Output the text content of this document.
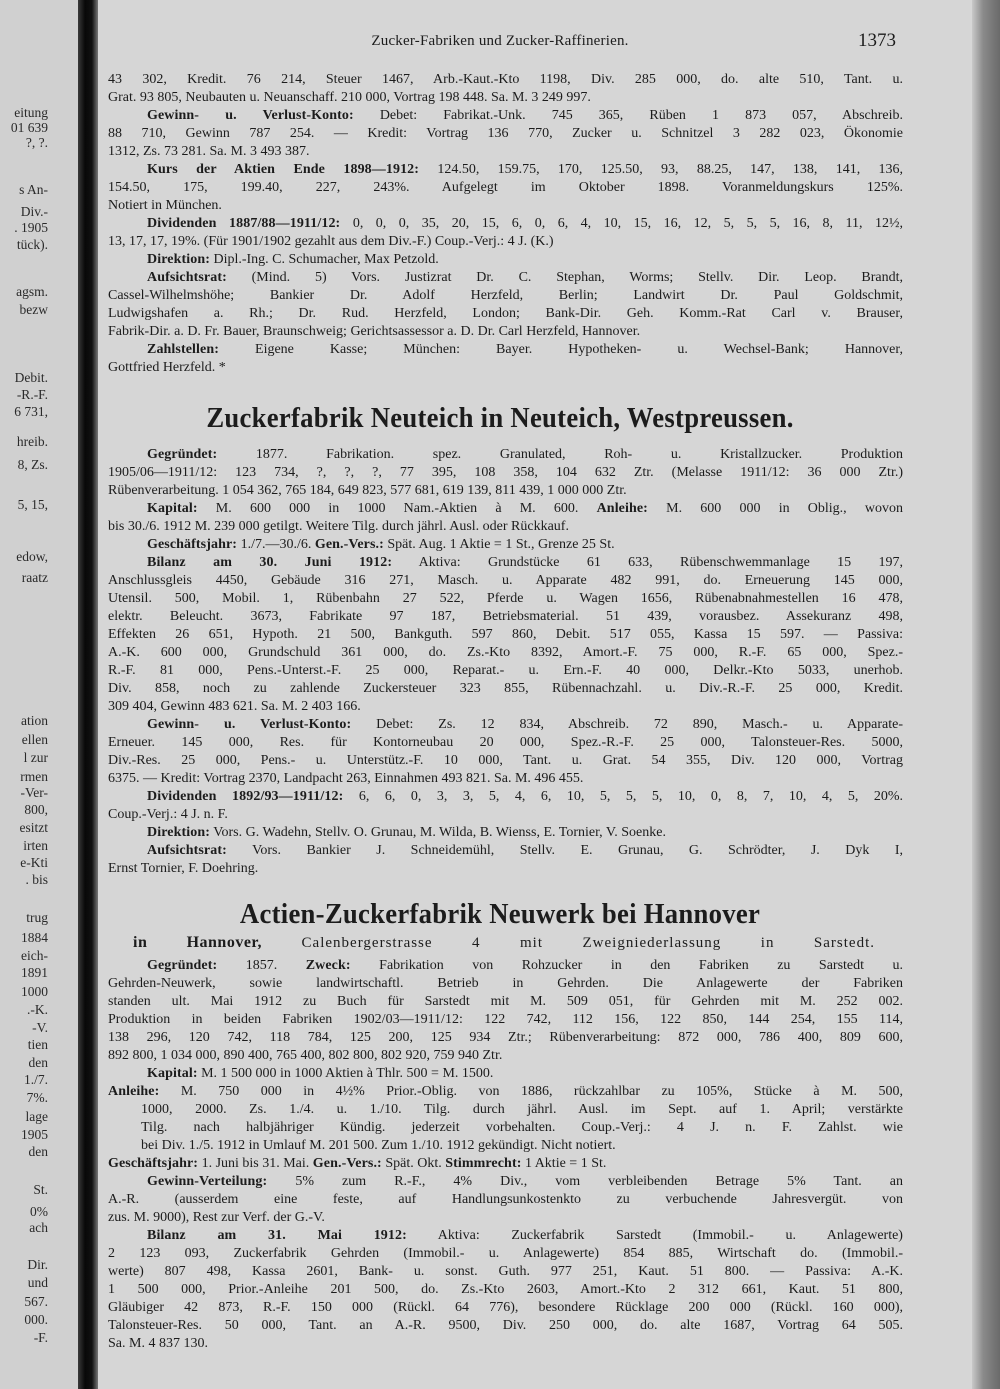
eitung
01 639
?, ?.
s An-
Div.-
. 1905
tück).
agsm.
bezw
Debit.
-R.-F.
6 731,
hreib.
8, Zs.
5, 15,
edow,
raatz
ation
ellen
l zur
rmen
-Ver-
800,
esitzt
irten
e-Kti
. bis
trug
1884
eich-
1891
1000
.-K.
-V.
tien
den
1./7.
7%.
lage
1905
den
St.
0%
ach
Dir.
und
567.
000.
-F.
Zucker-Fabriken und Zucker-Raffinerien.	1373
43 302, Kredit. 76 214, Steuer 1467, Arb.-Kaut.-Kto 1198, Div. 285 000, do. alte 510, Tant. u.
Grat. 93 805, Neubauten u. Neuanschaff. 210 000, Vortrag 198 448. Sa. M. 3 249 997.
Gewinn- u. Verlust-Konto: Debet: Fabrikat.-Unk. 745 365, Rüben 1 873 057, Abschreib.
88 710, Gewinn 787 254. — Kredit: Vortrag 136 770, Zucker u. Schnitzel 3 282 023, Ökonomie
1312, Zs. 73 281. Sa. M. 3 493 387.
Kurs der Aktien Ende 1898—1912: 124.50, 159.75, 170, 125.50, 93, 88.25, 147, 138, 141, 136,
154.50, 175, 199.40, 227, 243%. Aufgelegt im Oktober 1898. Voranmeldungskurs 125%.
Notiert in München.
Dividenden 1887/88—1911/12: 0, 0, 0, 35, 20, 15, 6, 0, 6, 4, 10, 15, 16, 12, 5, 5, 5, 16, 8, 11, 12½,
13, 17, 17, 19%. (Für 1901/1902 gezahlt aus dem Div.-F.) Coup.-Verj.: 4 J. (K.)
Direktion: Dipl.-Ing. C. Schumacher, Max Petzold.
Aufsichtsrat: (Mind. 5) Vors. Justizrat Dr. C. Stephan, Worms; Stellv. Dir. Leop. Brandt,
Cassel-Wilhelmshöhe; Bankier Dr. Adolf Herzfeld, Berlin; Landwirt Dr. Paul Goldschmit,
Ludwigshafen a. Rh.; Dr. Rud. Herzfeld, London; Bank-Dir. Geh. Komm.-Rat Carl v. Brauser,
Fabrik-Dir. a. D. Fr. Bauer, Braunschweig; Gerichtsassessor a. D. Dr. Carl Herzfeld, Hannover.
Zahlstellen: Eigene Kasse; München: Bayer. Hypotheken- u. Wechsel-Bank; Hannover,
Gottfried Herzfeld. *
Zuckerfabrik Neuteich in Neuteich, Westpreussen.
Gegründet: 1877. Fabrikation. spez. Granulated, Roh- u. Kristallzucker. Produktion
1905/06—1911/12: 123 734, ?, ?, ?, 77 395, 108 358, 104 632 Ztr. (Melasse 1911/12: 36 000 Ztr.)
Rübenverarbeitung. 1 054 362, 765 184, 649 823, 577 681, 619 139, 811 439, 1 000 000 Ztr.
Kapital: M. 600 000 in 1000 Nam.-Aktien à M. 600. Anleihe: M. 600 000 in Oblig., wovon
bis 30./6. 1912 M. 239 000 getilgt. Weitere Tilg. durch jährl. Ausl. oder Rückkauf.
Geschäftsjahr: 1./7.—30./6. Gen.-Vers.: Spät. Aug. 1 Aktie = 1 St., Grenze 25 St.
Bilanz am 30. Juni 1912: Aktiva: Grundstücke 61 633, Rübenschwemmanlage 15 197,
Anschlussgleis 4450, Gebäude 316 271, Masch. u. Apparate 482 991, do. Erneuerung 145 000,
Utensil. 500, Mobil. 1, Rübenbahn 27 522, Pferde u. Wagen 1656, Rübenabnahmestellen 16 478,
elektr. Beleucht. 3673, Fabrikate 97 187, Betriebsmaterial. 51 439, vorausbez. Assekuranz 498,
Effekten 26 651, Hypoth. 21 500, Bankguth. 597 860, Debit. 517 055, Kassa 15 597. — Passiva:
A.-K. 600 000, Grundschuld 361 000, do. Zs.-Kto 8392, Amort.-F. 75 000, R.-F. 65 000, Spez.-
R.-F. 81 000, Pens.-Unterst.-F. 25 000, Reparat.- u. Ern.-F. 40 000, Delkr.-Kto 5033, unerhob.
Div. 858, noch zu zahlende Zuckersteuer 323 855, Rübennachzahl. u. Div.-R.-F. 25 000, Kredit.
309 404, Gewinn 483 621. Sa. M. 2 403 166.
Gewinn- u. Verlust-Konto: Debet: Zs. 12 834, Abschreib. 72 890, Masch.- u. Apparate-
Erneuer. 145 000, Res. für Kontorneubau 20 000, Spez.-R.-F. 25 000, Talonsteuer-Res. 5000,
Div.-Res. 25 000, Pens.- u. Unterstütz.-F. 10 000, Tant. u. Grat. 54 355, Div. 120 000, Vortrag
6375. — Kredit: Vortrag 2370, Landpacht 263, Einnahmen 493 821. Sa. M. 496 455.
Dividenden 1892/93—1911/12: 6, 6, 0, 3, 3, 5, 4, 6, 10, 5, 5, 5, 10, 0, 8, 7, 10, 4, 5, 20%.
Coup.-Verj.: 4 J. n. F.
Direktion: Vors. G. Wadehn, Stellv. O. Grunau, M. Wilda, B. Wienss, E. Tornier, V. Soenke.
Aufsichtsrat: Vors. Bankier J. Schneidemühl, Stellv. E. Grunau, G. Schrödter, J. Dyk I,
Ernst Tornier, F. Doehring.
Actien-Zuckerfabrik Neuwerk bei Hannover
in Hannover, Calenbergerstrasse 4 mit Zweigniederlassung in Sarstedt.
Gegründet: 1857. Zweck: Fabrikation von Rohzucker in den Fabriken zu Sarstedt u.
Gehrden-Neuwerk, sowie landwirtschaftl. Betrieb in Gehrden. Die Anlagewerte der Fabriken
standen ult. Mai 1912 zu Buch für Sarstedt mit M. 509 051, für Gehrden mit M. 252 002.
Produktion in beiden Fabriken 1902/03—1911/12: 122 742, 112 156, 122 850, 144 254, 155 114,
138 296, 120 742, 118 784, 125 200, 125 934 Ztr.; Rübenverarbeitung: 872 000, 786 400, 809 600,
892 800, 1 034 000, 890 400, 765 400, 802 800, 802 920, 759 940 Ztr.
Kapital: M. 1 500 000 in 1000 Aktien à Thlr. 500 = M. 1500.
Anleihe: M. 750 000 in 4½% Prior.-Oblig. von 1886, rückzahlbar zu 105%, Stücke à M. 500,
1000, 2000. Zs. 1./4. u. 1./10. Tilg. durch jährl. Ausl. im Sept. auf 1. April; verstärkte
Tilg. nach halbjähriger Kündig. jederzeit vorbehalten. Coup.-Verj.: 4 J. n. F. Zahlst. wie
bei Div. 1./5. 1912 in Umlauf M. 201 500. Zum 1./10. 1912 gekündigt. Nicht notiert.
Geschäftsjahr: 1. Juni bis 31. Mai. Gen.-Vers.: Spät. Okt. Stimmrecht: 1 Aktie = 1 St.
Gewinn-Verteilung: 5% zum R.-F., 4% Div., vom verbleibenden Betrage 5% Tant. an
A.-R. (ausserdem eine feste, auf Handlungsunkostenkto zu verbuchende Jahresvergüt. von
zus. M. 9000), Rest zur Verf. der G.-V.
Bilanz am 31. Mai 1912: Aktiva: Zuckerfabrik Sarstedt (Immobil.- u. Anlagewerte)
2 123 093, Zuckerfabrik Gehrden (Immobil.- u. Anlagewerte) 854 885, Wirtschaft do. (Immobil.-
werte) 807 498, Kassa 2601, Bank- u. sonst. Guth. 977 251, Kaut. 51 800. — Passiva: A.-K.
1 500 000, Prior.-Anleihe 201 500, do. Zs.-Kto 2603, Amort.-Kto 2 312 661, Kaut. 51 800,
Gläubiger 42 873, R.-F. 150 000 (Rückl. 64 776), besondere Rücklage 200 000 (Rückl. 160 000),
Talonsteuer-Res. 50 000, Tant. an A.-R. 9500, Div. 250 000, do. alte 1687, Vortrag 64 505.
Sa. M. 4 837 130.
